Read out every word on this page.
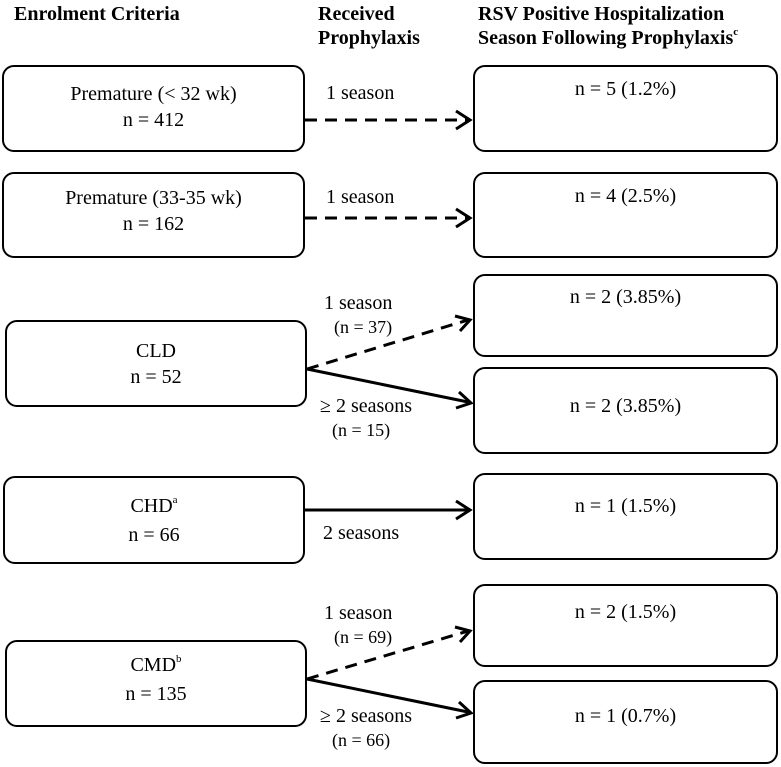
Enrolment Criteria	Received
Prophylaxis
RSV Positive Hospitalization
Season Following Prophylaxis$^c$
Premature (< 32 wk)
n = 412
Premature (33-35 wk)
n = 162
CLD
n = 52
CHD$^a$
n = 66
CMD$^b$
n = 135
1 season
1 season
1 season
(n = 37)
≥ 2 seasons
(n = 15)
2 seasons
1 season
(n = 69)
≥ 2 seasons
(n = 66)
n = 5 (1.2%)
n = 4 (2.5%)
n = 2 (3.85%)
n = 2 (3.85%)
n = 1 (1.5%)
n = 2 (1.5%)
n = 1 (0.7%)
